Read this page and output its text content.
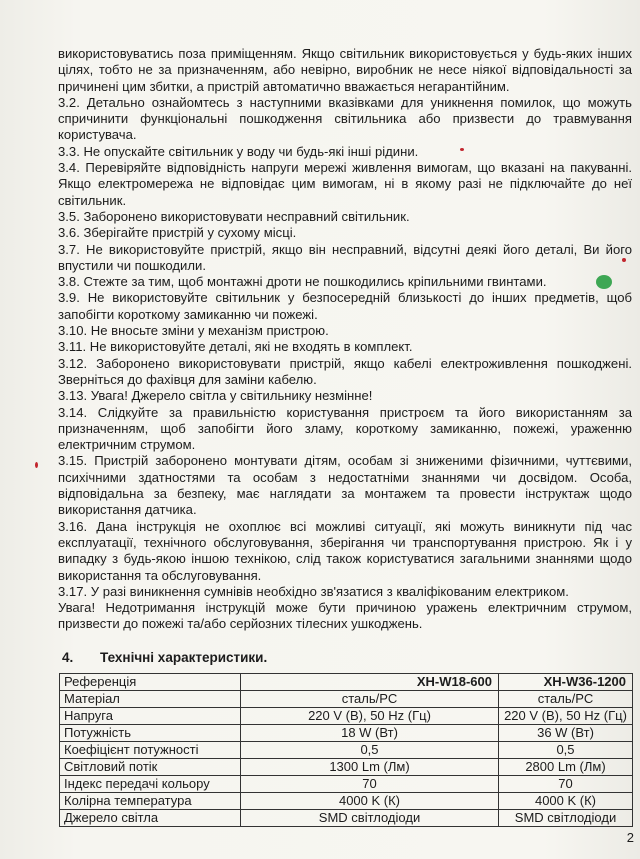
використовуватись поза приміщенням. Якщо світильник використовується у будь-яких інших цілях, тобто не за призначенням, або невірно, виробник не несе ніякої відповідальності за причинені цим збитки, а пристрій автоматично вважається негарантійним.

3.2. Детально ознайомтесь з наступними вказівками для уникнення помилок, що можуть спричинити функціональні пошкодження світильника або призвести до травмування користувача.

3.3. Не опускайте світильник у воду чи будь-які інші рідини.

3.4. Перевіряйте відповідність напруги мережі живлення вимогам, що вказані на пакуванні. Якщо електромережа не відповідає цим вимогам, ні в якому разі не підключайте до неї світильник.

3.5. Заборонено використовувати несправний світильник.

3.6. Зберігайте пристрій у сухому місці.

3.7. Не використовуйте пристрій, якщо він несправний, відсутні деякі його деталі, Ви його впустили чи пошкодили.

3.8. Стежте за тим, щоб монтажні дроти не пошкодились кріпильними гвинтами.

3.9. Не використовуйте світильник у безпосередній близькості до інших предметів, щоб запобігти короткому замиканню чи пожежі.

3.10. Не вносьте зміни у механізм пристрою.

3.11. Не використовуйте деталі, які не входять в комплект.

3.12. Заборонено використовувати пристрій, якщо кабелі електроживлення пошкоджені. Зверніться до фахівця для заміни кабелю.

3.13. Увага! Джерело світла у світильнику незмінне!

3.14. Слідкуйте за правильністю користування пристроєм та його використанням за призначенням, щоб запобігти його зламу, короткому замиканню, пожежі, ураженню електричним струмом.

3.15. Пристрій заборонено монтувати дітям, особам зі зниженими фізичними, чуттєвими, психічними здатностями та особам з недостатніми знаннями чи досвідом. Особа, відповідальна за безпеку, має наглядати за монтажем та провести інструктаж щодо використання датчика.

3.16. Дана інструкція не охоплює всі можливі ситуації, які можуть виникнути під час експлуатації, технічного обслуговування, зберігання чи транспортування пристрою. Як і у випадку з будь-якою іншою технікою, слід також користуватися загальними знаннями щодо використання та обслуговування.

3.17. У разі виникнення сумнівів необхідно зв'язатися з кваліфікованим електриком.

Увага! Недотримання інструкцій може бути причиною уражень електричним струмом, призвести до пожежі та/або серйозних тілесних ушкоджень.

4. Технічні характеристики.
Референція	XH-W18-600	XH-W36-1200
Матеріал	сталь/PC	сталь/PC
Напруга	220 V (В), 50 Hz (Гц)	220 V (В), 50 Hz (Гц)
Потужність	18 W (Вт)	36 W (Вт)
Коефіцієнт потужності	0,5	0,5
Світловий потік	1300 Lm (Лм)	2800 Lm (Лм)
Індекс передачі кольору	70	70
Колірна температура	4000 K (К)	4000 K (К)
Джерело світла	SMD світлодіоди	SMD світлодіоди
2
